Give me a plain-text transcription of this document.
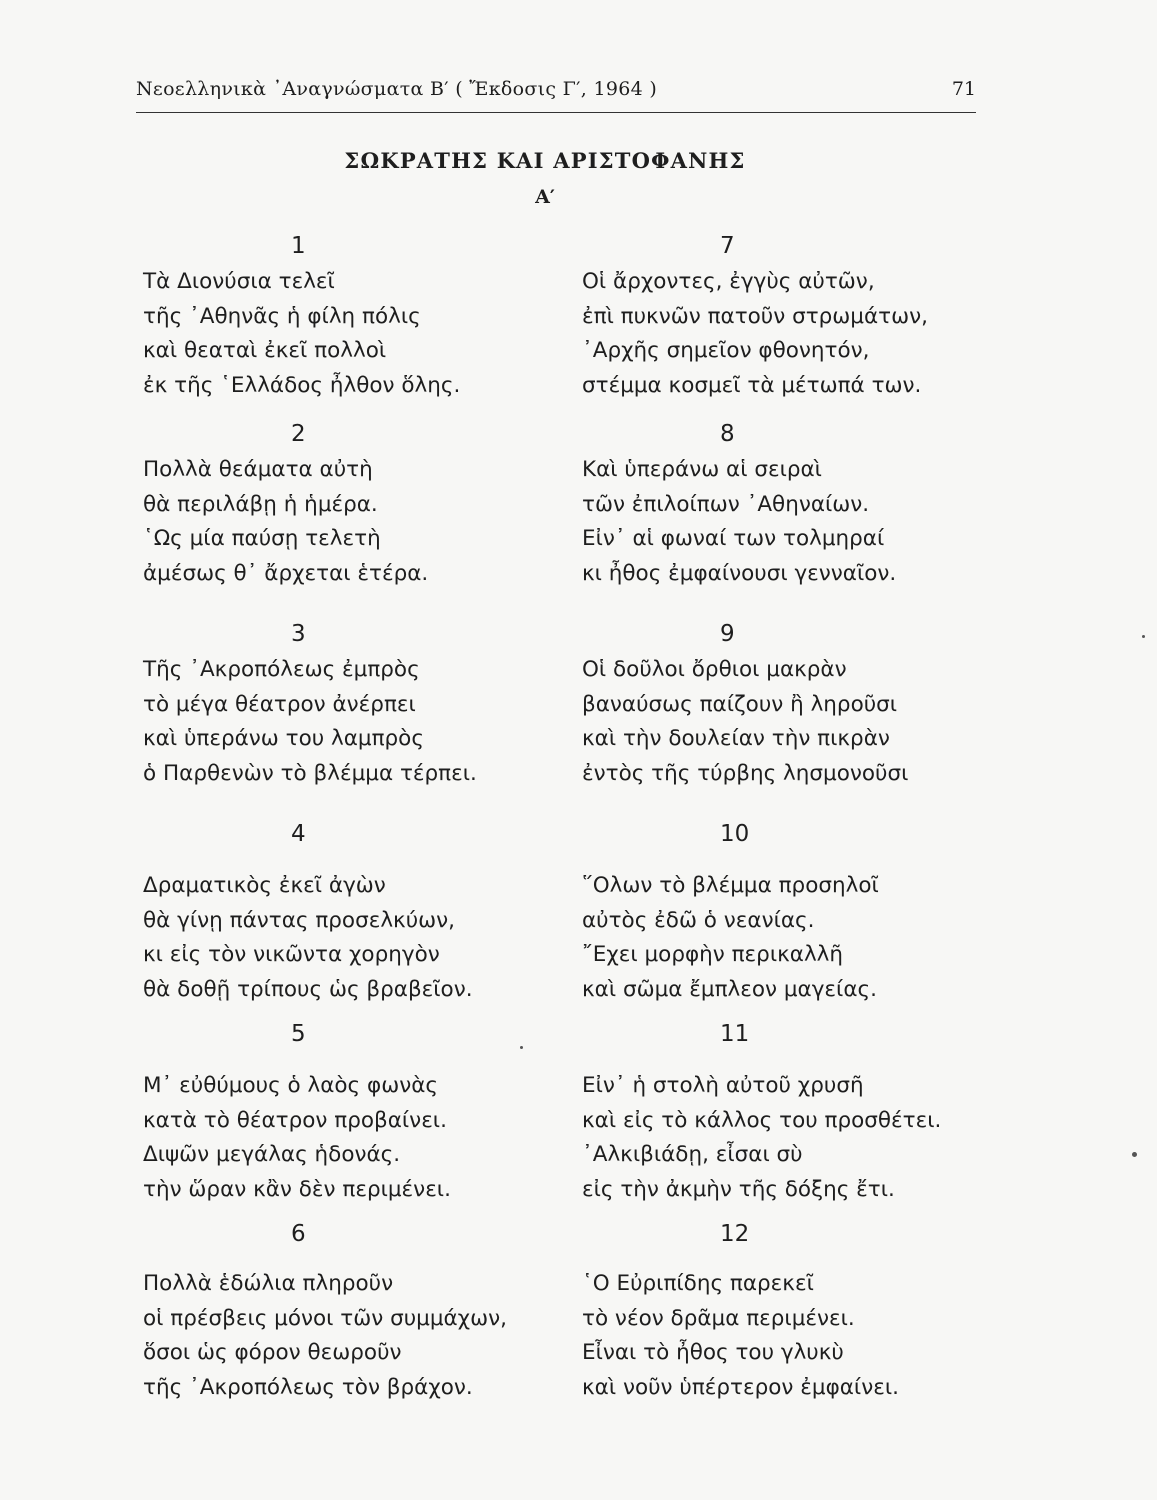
Νεοελληνικὰ ᾿Αναγνώσματα Β′ ( Ἔκδοσις Γ′, 1964 )	71
ΣΩΚΡΑΤΗΣ ΚΑΙ ΑΡΙΣΤΟΦΑΝΗΣ
Α′
1
Τὰ Διονύσια τελεῖ
τῆς ᾿Αθηνᾶς ἡ φίλη πόλις
καὶ θεαταὶ ἐκεῖ πολλοὶ
ἐκ τῆς ῾Ελλάδος ἦλθον ὅλης.
2
Πολλὰ θεάματα αὐτὴ
θὰ περιλάβῃ ἡ ἡμέρα.
῾Ως μία παύσῃ τελετὴ
ἀμέσως θ᾿ ἄρχεται ἑτέρα.
3
Τῆς ᾿Ακροπόλεως ἐμπρὸς
τὸ μέγα θέατρον ἀνέρπει
καὶ ὑπεράνω του λαμπρὸς
ὁ Παρθενὼν τὸ βλέμμα τέρπει.
4
Δραματικὸς ἐκεῖ ἀγὼν
θὰ γίνῃ πάντας προσελκύων,
κι εἰς τὸν νικῶντα χορηγὸν
θὰ δοθῇ τρίπους ὡς βραβεῖον.
5
Μ᾿ εὐθύμους ὁ λαὸς φωνὰς
κατὰ τὸ θέατρον προβαίνει.
Διψῶν μεγάλας ἡδονάς.
τὴν ὥραν κἂν δὲν περιμένει.
6
Πολλὰ ἑδώλια πληροῦν
οἱ πρέσβεις μόνοι τῶν συμμάχων,
ὅσοι ὡς φόρον θεωροῦν
τῆς ᾿Ακροπόλεως τὸν βράχον.
7
Οἱ ἄρχοντες, ἐγγὺς αὐτῶν,
ἐπὶ πυκνῶν πατοῦν στρωμάτων,
᾿Αρχῆς σημεῖον φθονητόν,
στέμμα κοσμεῖ τὰ μέτωπά των.
8
Καὶ ὑπεράνω αἱ σειραὶ
τῶν ἐπιλοίπων ᾿Αθηναίων.
Εἰν᾿ αἱ φωναί των τολμηραί
κι ἦθος ἐμφαίνουσι γενναῖον.
9
Οἱ δοῦλοι ὄρθιοι μακρὰν
βαναύσως παίζουν ἢ ληροῦσι
καὶ τὴν δουλείαν τὴν πικρὰν
ἐντὸς τῆς τύρβης λησμονοῦσι
10
῞Ολων τὸ βλέμμα προσηλοῖ
αὐτὸς ἐδῶ ὁ νεανίας.
῎Εχει μορφὴν περικαλλῆ
καὶ σῶμα ἔμπλεον μαγείας.
11
Εἰν᾿ ἡ στολὴ αὐτοῦ χρυσῆ
καὶ εἰς τὸ κάλλος του προσθέτει.
᾿Αλκιβιάδῃ, εἶσαι σὺ
εἰς τὴν ἀκμὴν τῆς δόξης ἔτι.
12
῾Ο Εὐριπίδης παρεκεῖ
τὸ νέον δρᾶμα περιμένει.
Εἶναι τὸ ἦθος του γλυκὺ
καὶ νοῦν ὑπέρτερον ἐμφαίνει.
